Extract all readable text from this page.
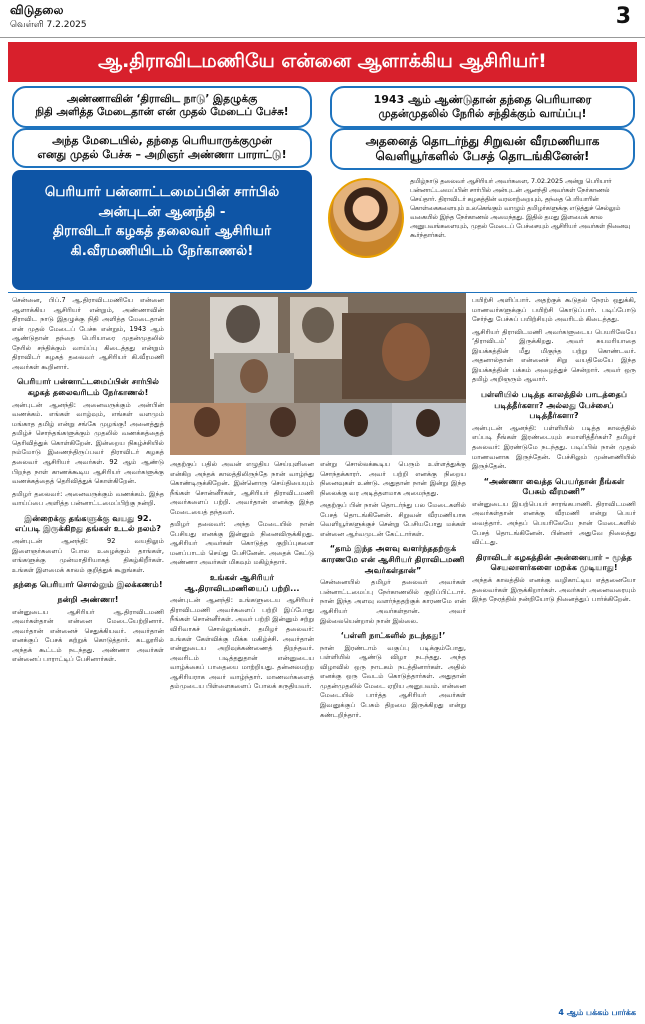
விடுதலை
வெள்ளி 7.2.2025	3
ஆ.திராவிடமணியே என்னை ஆளாக்கிய ஆசிரியர்!
அண்ணாவின் ‘திராவிட நாடு’ இதழுக்கு
நிதி அளித்த மேடைதான் என் முதல் மேடைப் பேச்சு!
1943 ஆம் ஆண்டுதான் தந்தை பெரியாரை
முதன்முதலில் நேரில் சந்திக்கும் வாய்ப்பு!
அந்த மேடையில், தந்தை பெரியாருக்குமுன்
எனது முதல் பேச்சு – அறிஞர் அண்ணா பாராட்டு!
அதனைத் தொடர்ந்து சிறுவன் வீரமணியாக
வெளியூர்களில் பேசத் தொடங்கினேன்!
பெரியார் பன்னாட்டமைப்பின் சார்பில்
அன்புடன் ஆனந்தி -
திராவிடர் கழகத் தலைவர் ஆசிரியர்
கி.வீரமணியிடம் நேர்காணல்!
தமிழ்நாடு தலைவர் ஆசிரியர் அவர்களை, 7.02.2025 அன்று பெரியார் பன்னாட்டமைப்பின் சார்பில் அன்புடன் ஆனந்தி அவர்கள் நேர்காணல் செய்தார். திராவிடர் கழகத்தின் வரலாற்றையும், தந்தை பெரியாரின் கொள்கைகளையும் உலகெங்கும் வாழும் தமிழர்களுக்கு எடுத்துச் செல்லும் வகையில் இந்த நேர்காணல் அமைந்தது. இதில் தமது இளமைக் கால அனுபவங்களையும், முதல் மேடைப் பேச்சையும் ஆசிரியர் அவர்கள் நினைவு கூர்ந்தார்கள்.

சென்னை, பிப்.7 ஆ.திராவிடமணியே என்னை ஆளாக்கிய ஆசிரியர் என்றும், அண்ணாவின் திராவிட நாடு இதழுக்கு நிதி அளித்த மேடைதான் என் முதல் மேடைப் பேச்சு என்றும், 1943 ஆம் ஆண்டுதான் தந்தை பெரியாரை முதன்முதலில் நேரில் சந்திக்கும் வாய்ப்பு கிடைத்தது என்றும் திராவிடர் கழகத் தலைவர் ஆசிரியர் கி.வீரமணி அவர்கள் கூறினார்.

பெரியார் பன்னாட்டமைப்பின் சார்பில் கழகத் தலைவரிடம் நேர்காணல்!

அன்புடன் ஆனந்தி: அனைவருக்கும் அன்பின் வணக்கம். எங்கள் வாழ்வும், எங்கள் வளமும் மங்காத தமிழ் என்று சங்கே முழங்கு! அனைத்துத் தமிழ்ச் சொந்தங்களுக்கும் முதலில் வணக்கத்தைத் தெரிவித்துக் கொள்கிறேன். இன்றைய நிகழ்ச்சியில் நம்மோடு இணைந்திருப்பவர் திராவிடர் கழகத் தலைவர் ஆசிரியர் அவர்கள். 92 ஆம் ஆண்டு பிறந்த நாள் காணக்கூடிய ஆசிரியர் அவர்களுக்கு வணக்கத்தைத் தெரிவித்துக் கொள்கிறேன்.

தமிழர் தலைவர்: அனைவருக்கும் வணக்கம். இந்த வாய்ப்பை அளித்த பன்னாட்டமைப்பிற்கு நன்றி.

இன்றைக்கு தங்களுக்கு வயது 92. எப்படி இருக்கிறது தங்கள் உடல் நலம்?

அன்புடன் ஆனந்தி: 92 வயதிலும் இளைஞர்களைப் போல உழைக்கும் தாங்கள், எங்களுக்கு முன்மாதிரியாகத் திகழ்கிறீர்கள். உங்கள் இளமைக் காலம் குறித்துக் கூறுங்கள்.

தந்தை பெரியார் சொல்லும் இலக்கணம்!
நன்றி அண்ணா!

என்னுடைய ஆசிரியர் ஆ.திராவிடமணி அவர்கள்தான் என்னை மேடையேற்றினார். அவர்தான் என்னைச் செதுக்கியவர். அவர்தான் எனக்குப் பேசக் கற்றுக் கொடுத்தார். கடலூரில் அந்தக் கூட்டம் நடந்தது. அண்ணா அவர்கள் என்னைப் பாராட்டிப் பேசினார்கள்.

அதற்குப் பதில் அவன் எழுதிய செய்யுளினை என்கிற அந்தக் காலத்திலிருந்தே நான் வாழ்ந்து கொண்டிருக்கிறேன். இன்னொரு செய்தியையும் நீங்கள் சொன்னீர்கள், ஆசிரியர் திராவிடமணி அவர்களைப் பற்றி. அவர்தான் எனக்கு இந்த மேடையைத் தந்தவர்.

தமிழர் தலைவர்: அந்த மேடையில் நான் பேசியது எனக்கு இன்னும் நினைவிருக்கிறது. ஆசிரியர் அவர்கள் கொடுத்த குறிப்புகளை மனப்பாடம் செய்து பேசினேன். அதைக் கேட்டு அண்ணா அவர்கள் மிகவும் மகிழ்ந்தார்.

உங்கள் ஆசிரியர் ஆ.திராவிடமணியைப் பற்றி...

அன்புடன் ஆனந்தி: உங்களுடைய ஆசிரியர் திராவிடமணி அவர்களைப் பற்றி இப்போது நீங்கள் சொன்னீர்கள். அவர் பற்றி இன்னும் சற்று விரிவாகச் சொல்லுங்கள். தமிழர் தலைவர்: உங்கள் கேள்விக்கு மிக்க மகிழ்ச்சி. அவர்தான் என்னுடைய அறிவுக்கண்ணைத் திறந்தவர். அவரிடம் படித்ததுதான் என்னுடைய வாழ்க்கைப் பாதையை மாற்றியது. தன்னலமற்ற ஆசிரியராக அவர் வாழ்ந்தார். மாணவர்களைத் தம்முடைய பிள்ளைகளைப் போலக் கருதியவர்.

என்று சொல்லக்கூடிய பெரும் உள்ளத்துக்கு சொந்தக்காரர். அவர் பற்றி எனக்கு நிறைய நினைவுகள் உண்டு. அதுதான் நான் இன்று இந்த நிலைக்கு வர அடித்தளமாக அமைந்தது.

அதற்குப் பின் நான் தொடர்ந்து பல மேடைகளில் பேசத் தொடங்கினேன். சிறுவன் வீரமணியாக வெளியூர்களுக்குச் சென்று பேசியபோது மக்கள் என்னை ஆர்வமுடன் கேட்டார்கள்.

“தாம் இந்த அளவு வளர்ந்ததற்குக் காரணமே என் ஆசிரியர் திராவிடமணி அவர்கள்தான்”

சென்னையில் தமிழர் தலைவர் அவர்கள் பன்னாட்டமைப்பு நேர்காணலில் குறிப்பிட்டார். நான் இந்த அளவு வளர்ந்ததற்குக் காரணமே என் ஆசிரியர் அவர்கள்தான். அவர் இல்லையென்றால் நான் இல்லை.

‘பள்ளி நாட்களில் நடந்தது!’

நான் இரண்டாம் வகுப்பு படிக்கும்போது, பள்ளியில் ஆண்டு விழா நடந்தது. அந்த விழாவில் ஒரு நாடகம் நடத்தினார்கள். அதில் எனக்கு ஒரு வேடம் கொடுத்தார்கள். அதுதான் முதன்முதலில் மேடை ஏறிய அனுபவம். என்னை மேடையில் பார்த்த ஆசிரியர் அவர்கள் இவனுக்குப் பேசும் திறமை இருக்கிறது என்று கண்டறிந்தார்.

பயிற்சி அளிப்பார். அதற்குக் கூடுதல் நேரம் ஒதுக்கி, மாணவர்களுக்குப் பயிற்சி கொடுப்பார். படிப்போடு சேர்ந்து பேச்சுப் பயிற்சியும் அவரிடம் கிடைத்தது.

ஆசிரியர் திராவிடமணி அவர்களுடைய பெயரிலேயே ‘திராவிடம்’ இருக்கிறது. அவர் சுயமரியாதை இயக்கத்தின் மீது மிகுந்த பற்று கொண்டவர். அதனால்தான் என்னைச் சிறு வயதிலேயே இந்த இயக்கத்தின் பக்கம் அழைத்துச் சென்றார். அவர் ஒரு தமிழ் அறிஞரும் ஆவார்.

பள்ளியில் படித்த காலத்தில் பாடத்தைப் படித்தீர்களா? அல்லது பேச்சைப் படித்தீர்களா?

அன்புடன் ஆனந்தி: பள்ளியில் படித்த காலத்தில் எப்படி நீங்கள் இரண்டையும் சமாளித்தீர்கள்? தமிழர் தலைவர்: இரண்டுமே நடந்தது. படிப்பில் நான் முதல் மாணவனாக இருந்தேன். பேச்சிலும் முன்னணியில் இருந்தேன்.

“அண்ணா வைத்த பெயர்தான் நீங்கள் பேசும் வீரமணி”

என்னுடைய இயற்பெயர் சாரங்கபாணி. திராவிடமணி அவர்கள்தான் எனக்கு வீரமணி என்று பெயர் வைத்தார். அந்தப் பெயரிலேயே நான் மேடைகளில் பேசத் தொடங்கினேன். பின்னர் அதுவே நிலைத்து விட்டது.

திராவிடர் கழகத்தின் அன்னையார் – மூத்த செயலாளர்களை மறக்க முடியாது!

அந்தக் காலத்தில் எனக்கு வழிகாட்டிய எத்தனையோ தலைவர்கள் இருக்கிறார்கள். அவர்கள் அனைவரையும் இந்த நேரத்தில் நன்றியோடு நினைத்துப் பார்க்கிறேன்.

4 ஆம் பக்கம் பார்க்க
